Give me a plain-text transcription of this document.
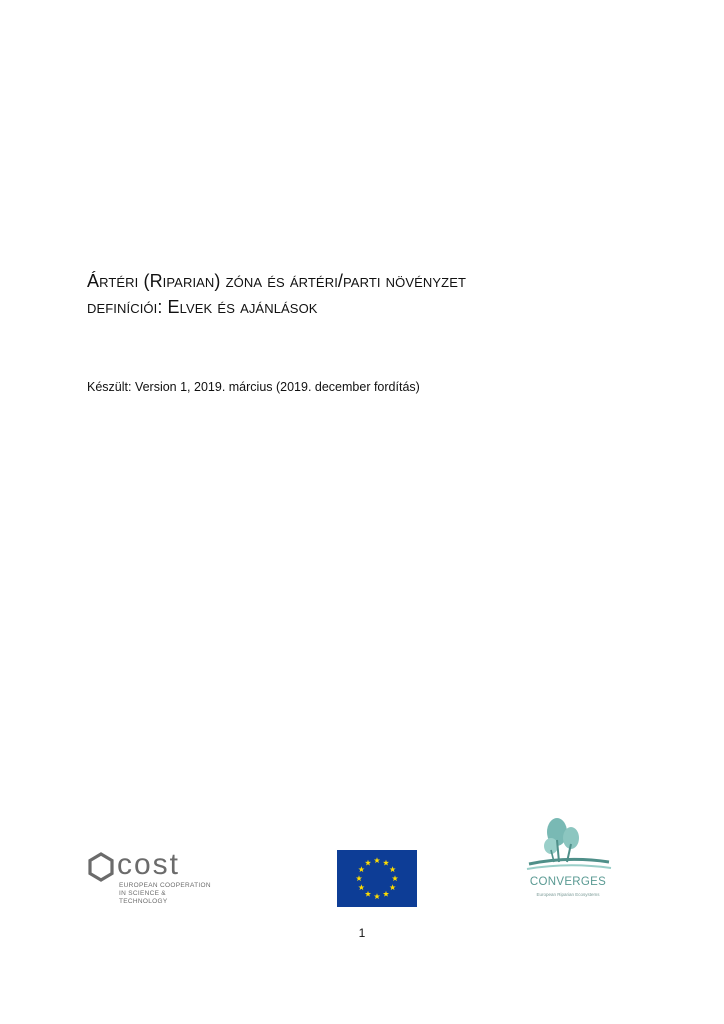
Ártéri (Riparian) zóna és ártéri/parti növényzet
definíciói: Elvek és ajánlások
Készült: Version 1, 2019. március (2019. december fordítás)
cost
EUROPEAN COOPERATION
IN SCIENCE & TECHNOLOGY
CONVERGES
European Riparian Ecosystems
1
